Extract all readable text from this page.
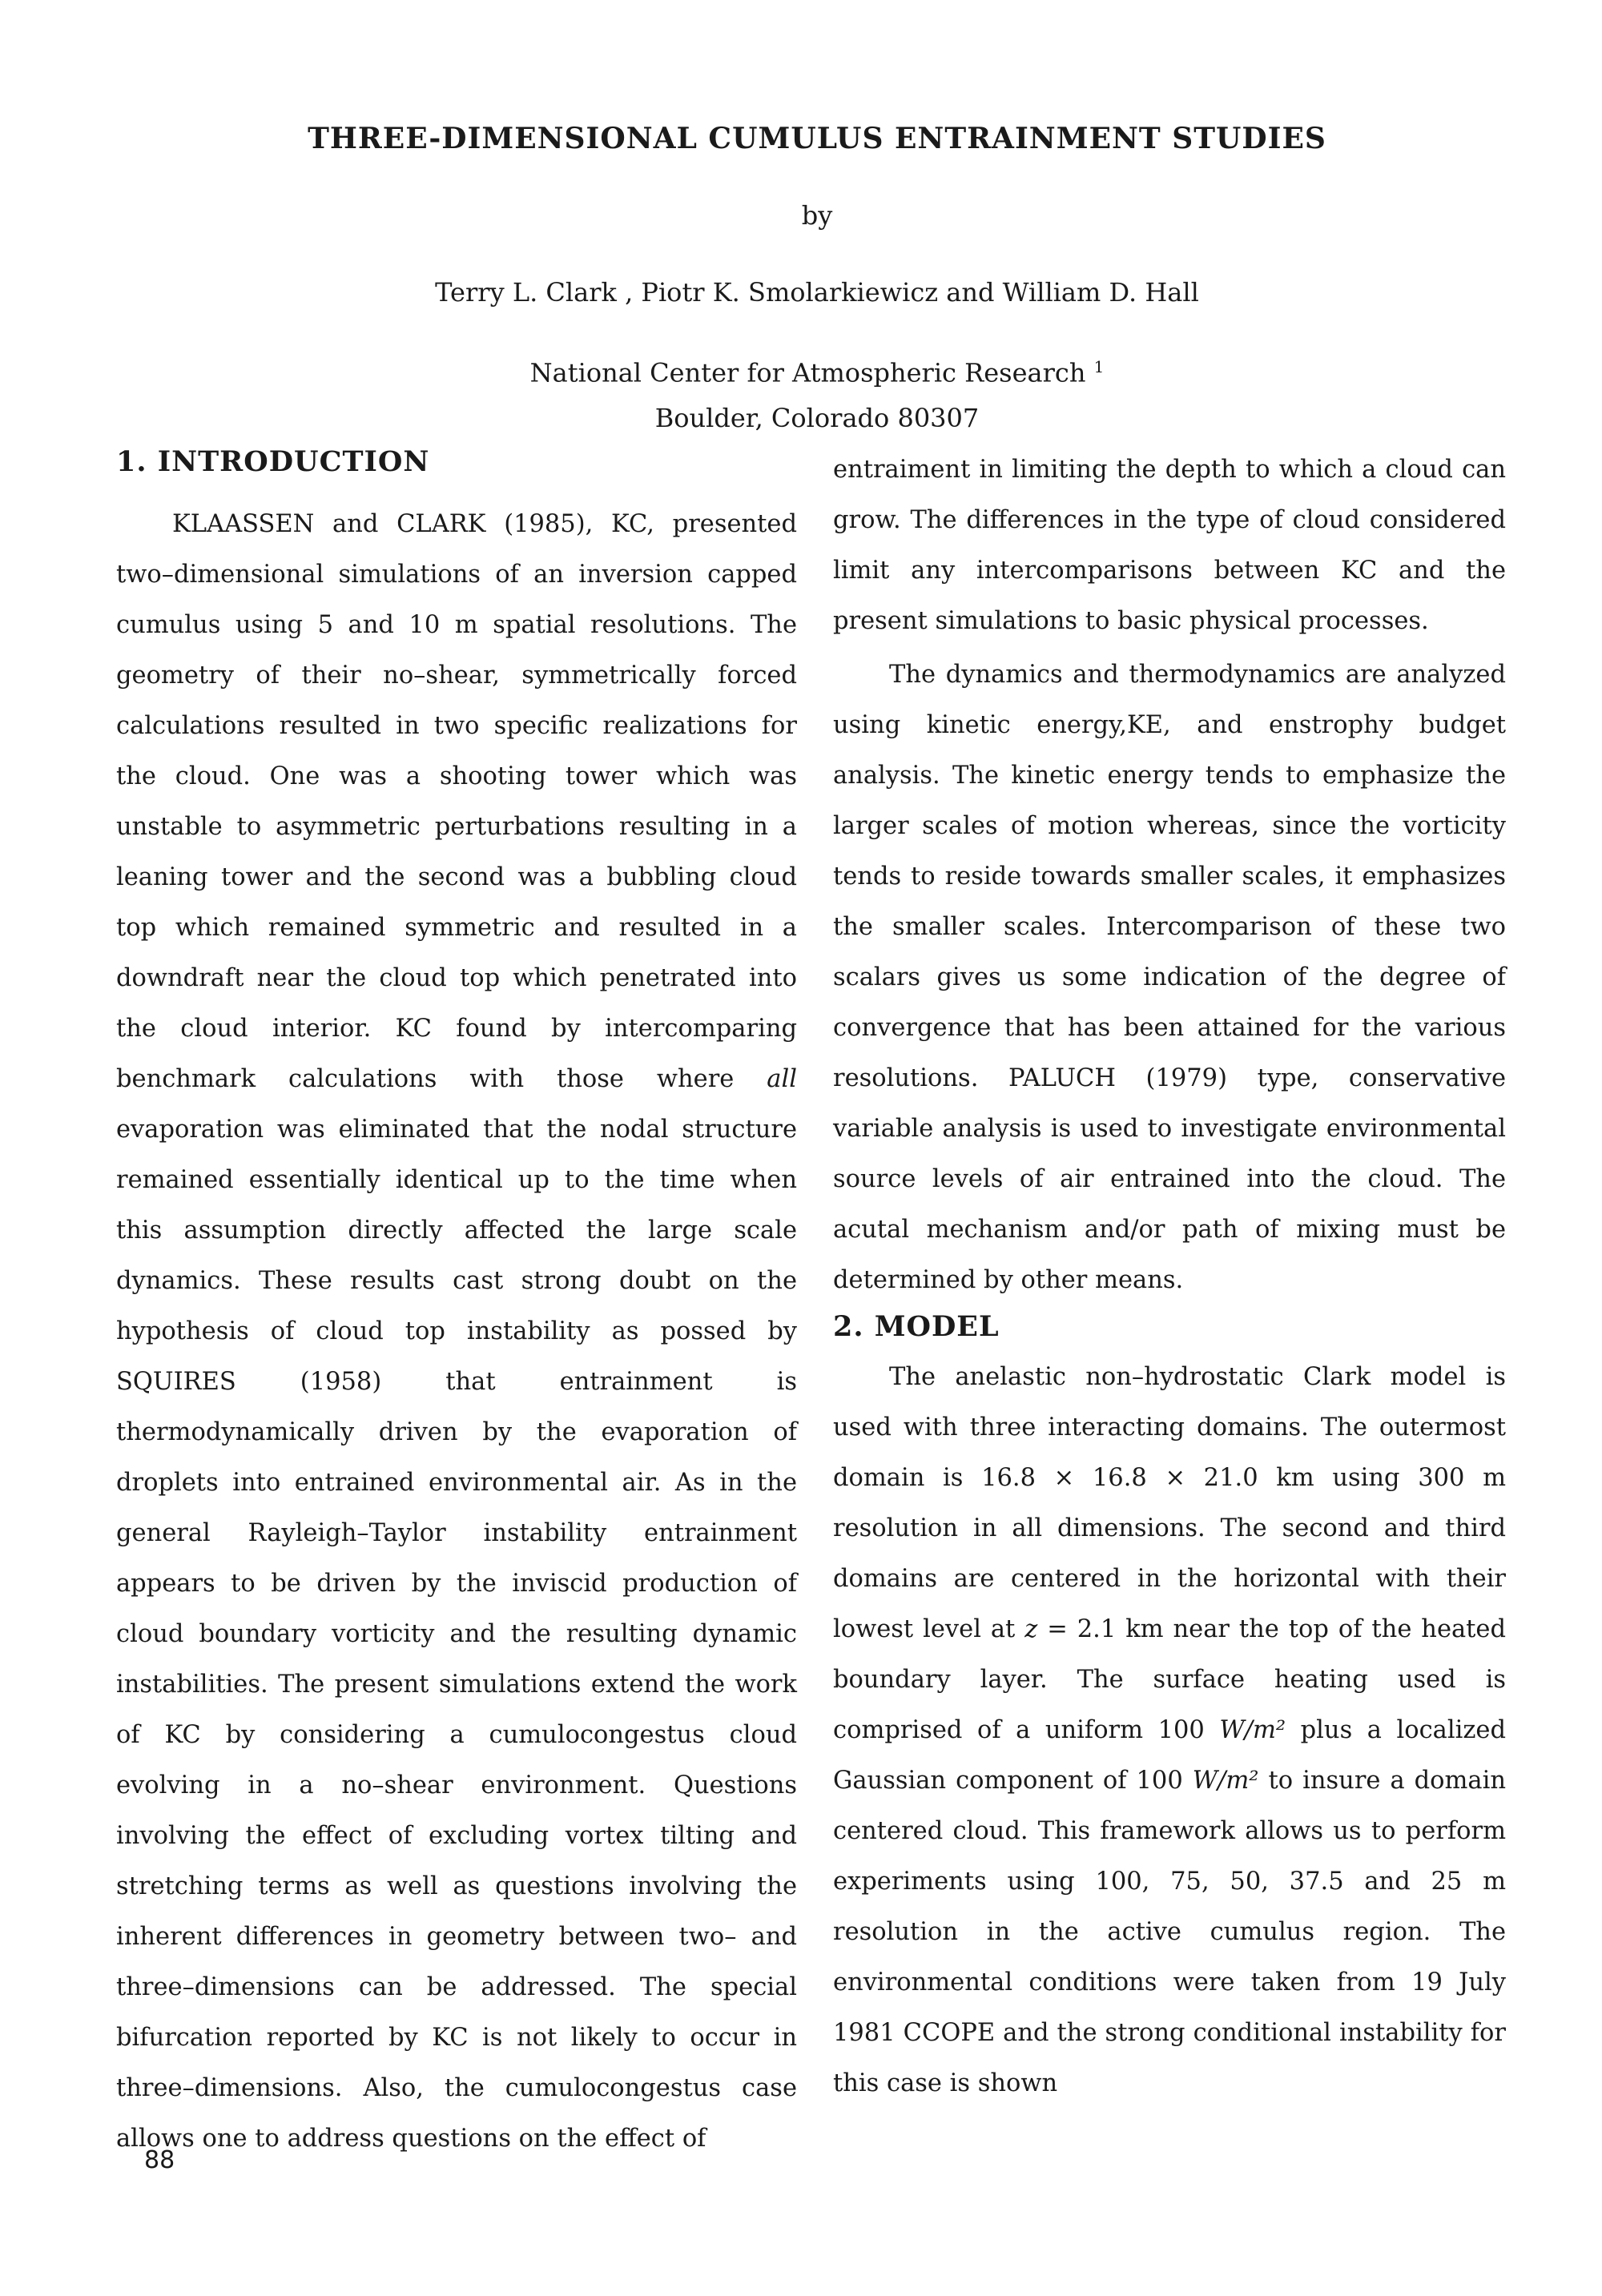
THREE-DIMENSIONAL CUMULUS ENTRAINMENT STUDIES
by
Terry L. Clark , Piotr K. Smolarkiewicz and William D. Hall
National Center for Atmospheric Research $^1$
Boulder, Colorado 80307
1. INTRODUCTION

KLAASSEN and CLARK (1985), KC, presented two–dimensional simulations of an inversion capped cumulus using 5 and 10 m spatial resolutions. The geometry of their no–shear, symmetrically forced calculations resulted in two specific realizations for the cloud. One was a shooting tower which was unstable to asymmetric perturbations resulting in a leaning tower and the second was a bubbling cloud top which remained symmetric and resulted in a downdraft near the cloud top which penetrated into the cloud interior. KC found by intercomparing benchmark calculations with those where all evaporation was eliminated that the nodal structure remained essentially identical up to the time when this assumption directly affected the large scale dynamics. These results cast strong doubt on the hypothesis of cloud top instability as possed by SQUIRES (1958) that entrainment is thermodynamically driven by the evaporation of droplets into entrained environmental air. As in the general Rayleigh–Taylor instability entrainment appears to be driven by the inviscid production of cloud boundary vorticity and the resulting dynamic instabilities. The present simulations extend the work of KC by considering a cumulocongestus cloud evolving in a no–shear environment. Questions involving the effect of excluding vortex tilting and stretching terms as well as questions involving the inherent differences in geometry between two– and three–dimensions can be addressed. The special bifurcation reported by KC is not likely to occur in three–dimensions. Also, the cumulocongestus case allows one to address questions on the effect of

entraiment in limiting the depth to which a cloud can grow. The differences in the type of cloud considered limit any intercomparisons between KC and the present simulations to basic physical processes.

The dynamics and thermodynamics are analyzed using kinetic energy,KE, and enstrophy budget analysis. The kinetic energy tends to emphasize the larger scales of motion whereas, since the vorticity tends to reside towards smaller scales, it emphasizes the smaller scales. Intercomparison of these two scalars gives us some indication of the degree of convergence that has been attained for the various resolutions. PALUCH (1979) type, conservative variable analysis is used to investigate environmental source levels of air entrained into the cloud. The acutal mechanism and/or path of mixing must be determined by other means.

2. MODEL

The anelastic non–hydrostatic Clark model is used with three interacting domains. The outermost domain is 16.8 × 16.8 × 21.0 km using 300 m resolution in all dimensions. The second and third domains are centered in the horizontal with their lowest level at z = 2.1 km near the top of the heated boundary layer. The surface heating used is comprised of a uniform 100 W/m² plus a localized Gaussian component of 100 W/m² to insure a domain centered cloud. This framework allows us to perform experiments using 100, 75, 50, 37.5 and 25 m resolution in the active cumulus region. The environmental conditions were taken from 19 July 1981 CCOPE and the strong conditional instability for this case is shown

88
